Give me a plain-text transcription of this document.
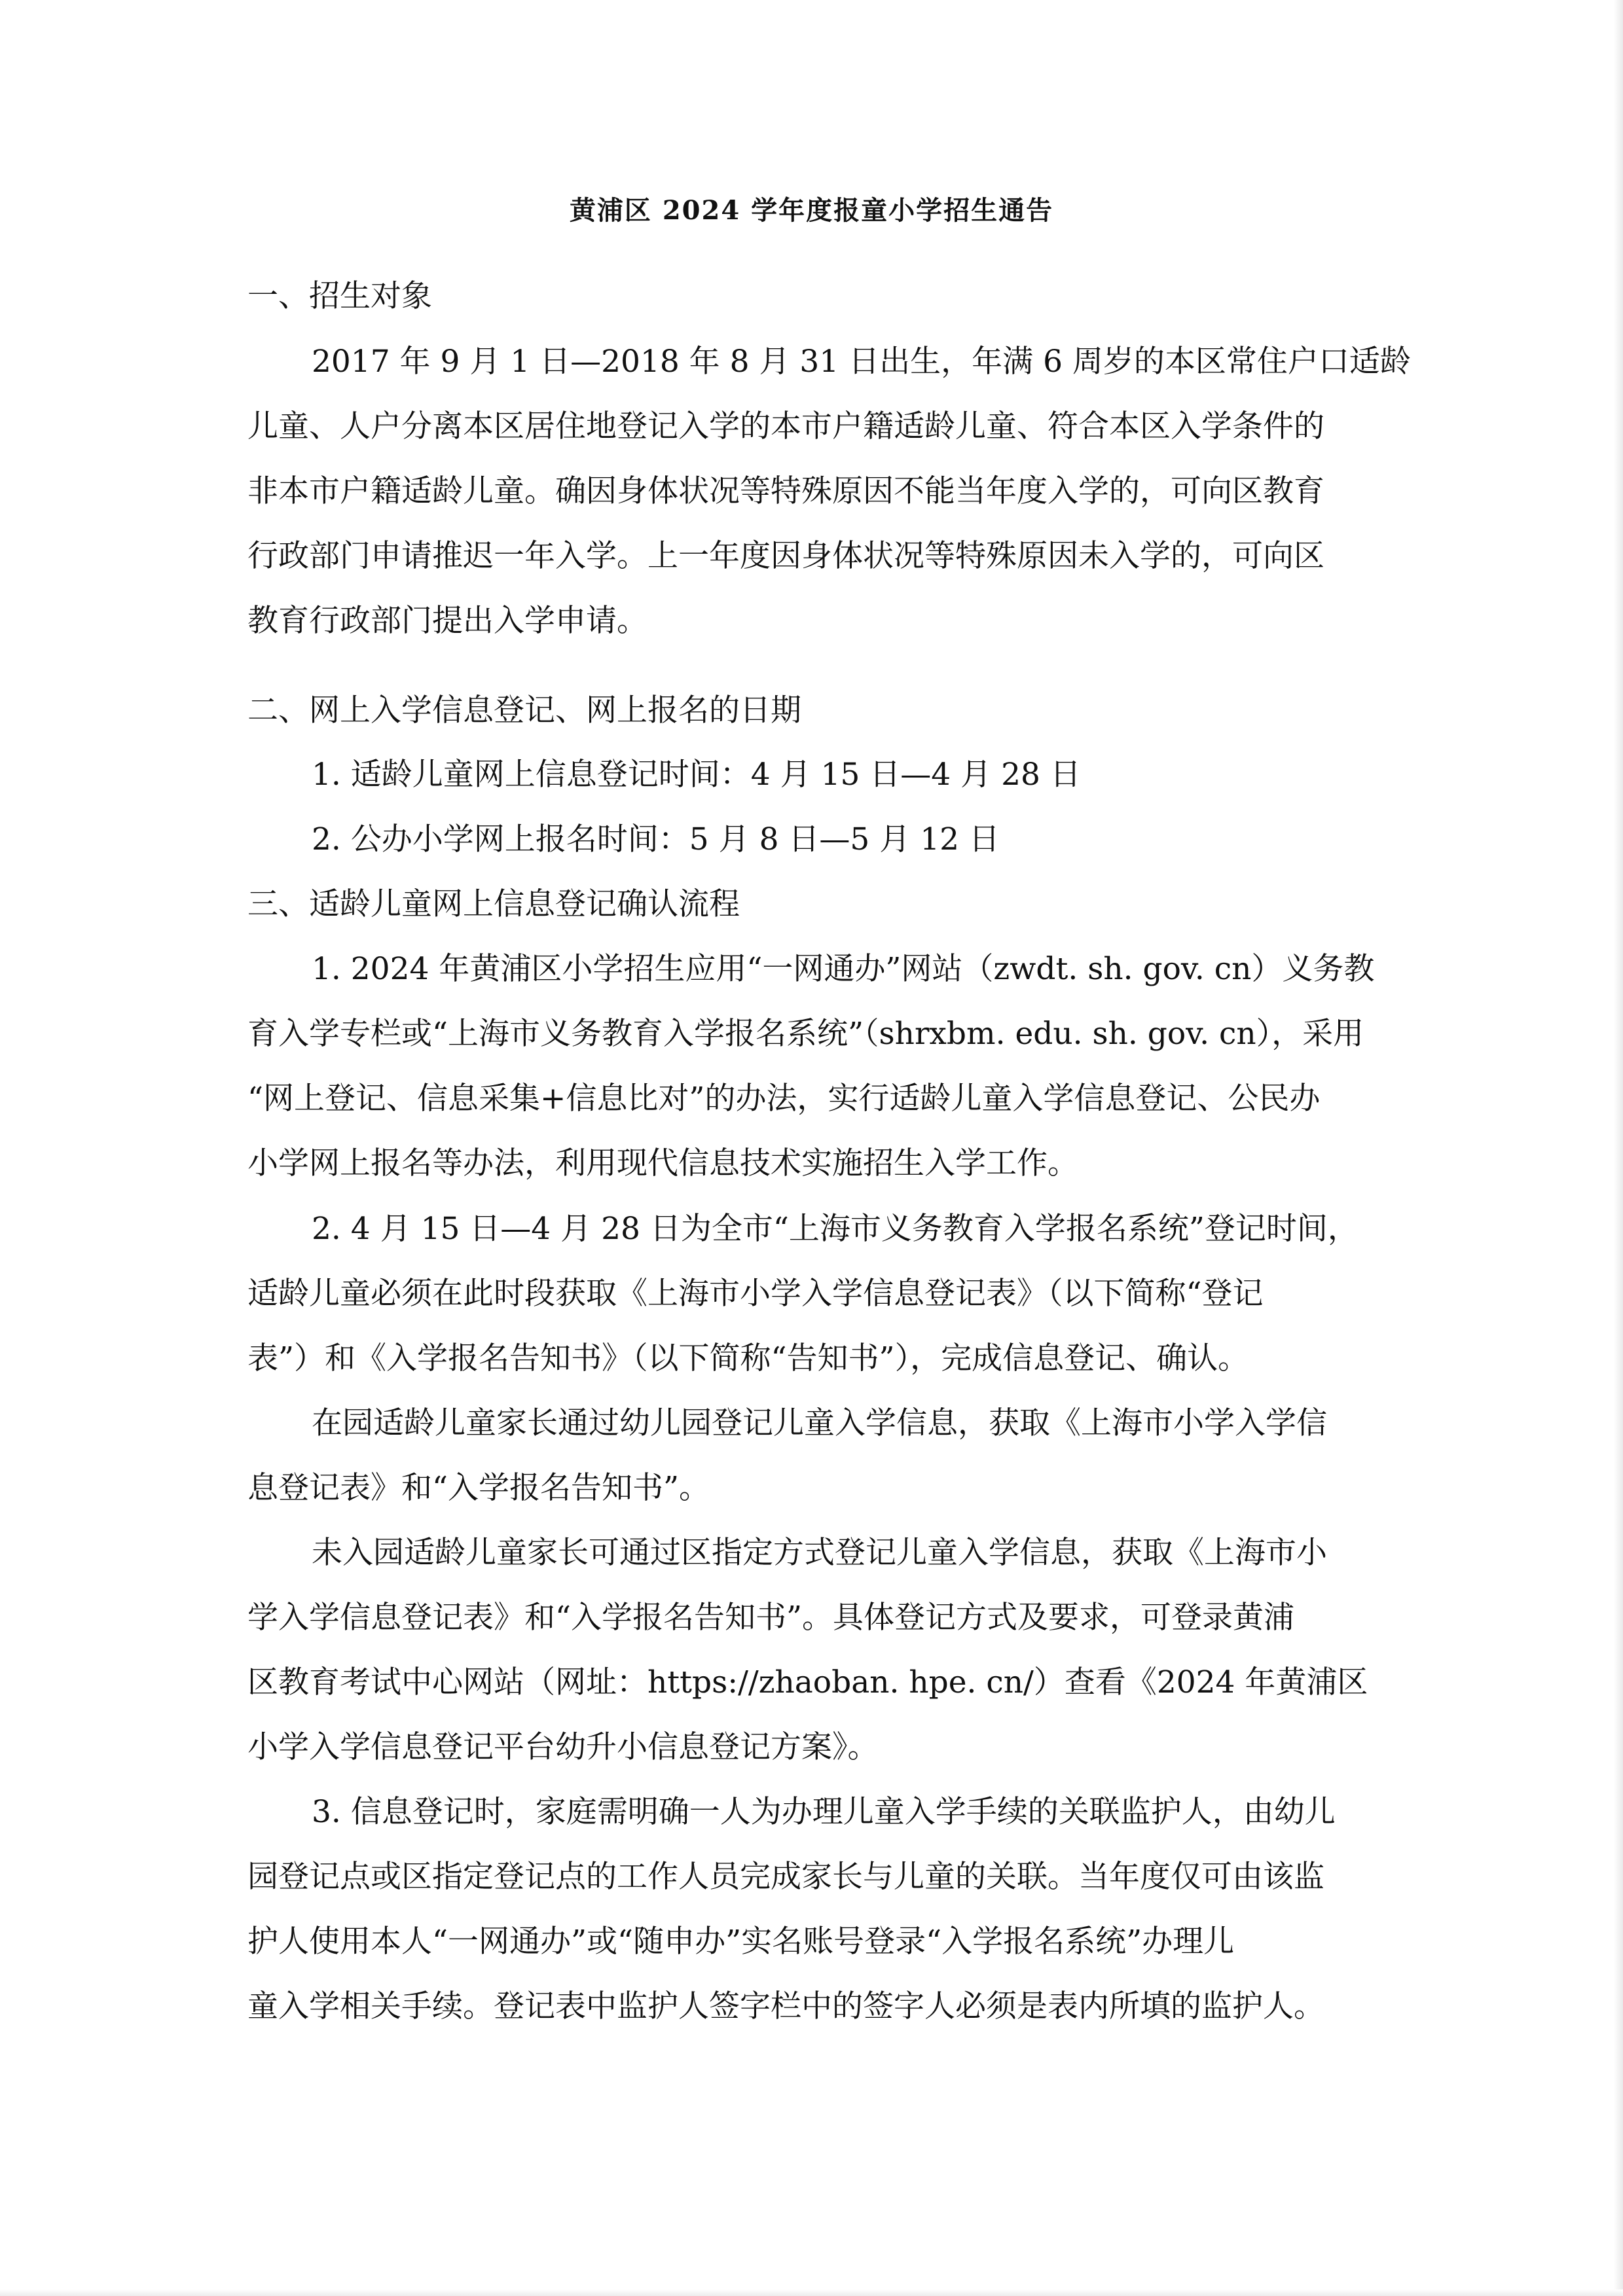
黄浦区 2024 学年度报童小学招生通告

一、招生对象

2017 年 9 月 1 日—2018 年 8 月 31 日出生，年满 6 周岁的本区常住户口适龄

儿童、人户分离本区居住地登记入学的本市户籍适龄儿童、符合本区入学条件的

非本市户籍适龄儿童。确因身体状况等特殊原因不能当年度入学的，可向区教育

行政部门申请推迟一年入学。上一年度因身体状况等特殊原因未入学的，可向区

教育行政部门提出入学申请。

二、网上入学信息登记、网上报名的日期

1. 适龄儿童网上信息登记时间：4 月 15 日—4 月 28 日

2. 公办小学网上报名时间：5 月 8 日—5 月 12 日

三、适龄儿童网上信息登记确认流程

1. 2024 年黄浦区小学招生应用“一网通办”网站（zwdt. sh. gov. cn）义务教

育入学专栏或“上海市义务教育入学报名系统”（shrxbm. edu. sh. gov. cn），采用

“网上登记、信息采集+信息比对”的办法，实行适龄儿童入学信息登记、公民办

小学网上报名等办法，利用现代信息技术实施招生入学工作。

2. 4 月 15 日—4 月 28 日为全市“上海市义务教育入学报名系统”登记时间，

适龄儿童必须在此时段获取《上海市小学入学信息登记表》（以下简称“登记

表”）和《入学报名告知书》（以下简称“告知书”），完成信息登记、确认。

在园适龄儿童家长通过幼儿园登记儿童入学信息，获取《上海市小学入学信

息登记表》和“入学报名告知书”。

未入园适龄儿童家长可通过区指定方式登记儿童入学信息，获取《上海市小

学入学信息登记表》和“入学报名告知书”。具体登记方式及要求，可登录黄浦

区教育考试中心网站（网址：https://zhaoban. hpe. cn/）查看《2024 年黄浦区

小学入学信息登记平台幼升小信息登记方案》。

3. 信息登记时，家庭需明确一人为办理儿童入学手续的关联监护人，由幼儿

园登记点或区指定登记点的工作人员完成家长与儿童的关联。当年度仅可由该监

护人使用本人“一网通办”或“随申办”实名账号登录“入学报名系统”办理儿

童入学相关手续。登记表中监护人签字栏中的签字人必须是表内所填的监护人。
